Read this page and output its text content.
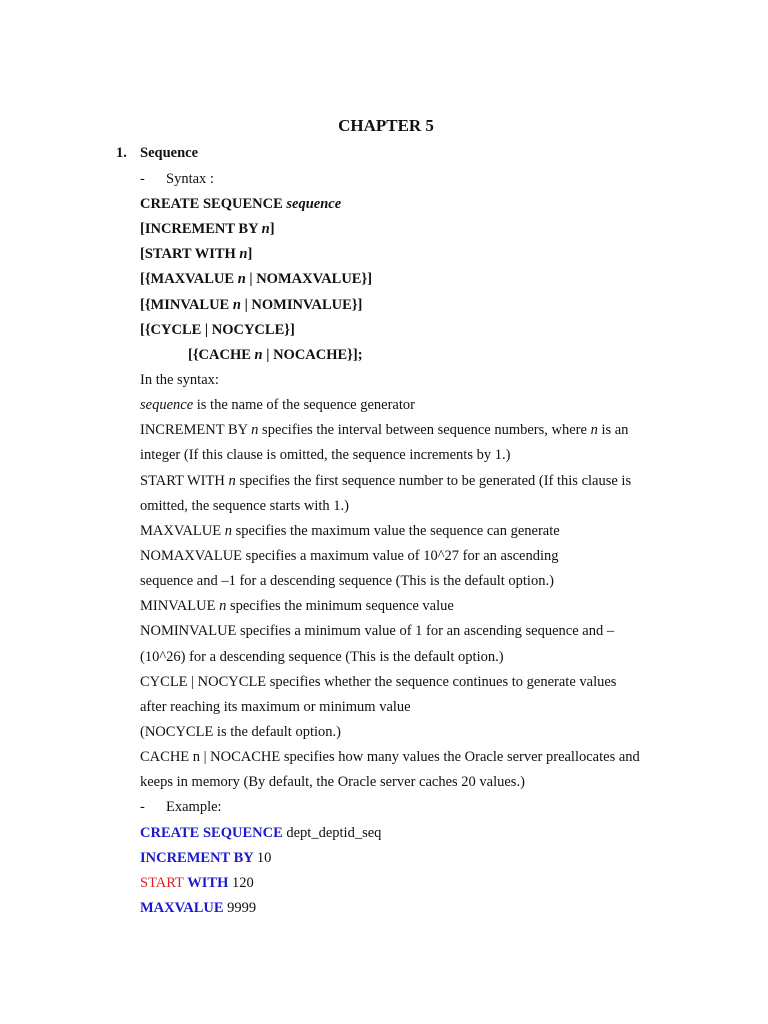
CHAPTER 5
1. Sequence
- Syntax :
CREATE SEQUENCE sequence
[INCREMENT BY n]
[START WITH n]
[{MAXVALUE n | NOMAXVALUE}]
[{MINVALUE n | NOMINVALUE}]
[{CYCLE | NOCYCLE}]
[{CACHE n | NOCACHE}];
In the syntax:
sequence is the name of the sequence generator
INCREMENT BY n specifies the interval between sequence numbers, where n is an
integer (If this clause is omitted, the sequence increments by 1.)
START WITH n specifies the first sequence number to be generated (If this clause is
omitted, the sequence starts with 1.)
MAXVALUE n specifies the maximum value the sequence can generate
NOMAXVALUE specifies a maximum value of 10^27 for an ascending
sequence and –1 for a descending sequence (This is the default option.)
MINVALUE n specifies the minimum sequence value
NOMINVALUE specifies a minimum value of 1 for an ascending sequence and –
(10^26) for a descending sequence (This is the default option.)
CYCLE | NOCYCLE specifies whether the sequence continues to generate values
after reaching its maximum or minimum value
(NOCYCLE is the default option.)
CACHE n | NOCACHE specifies how many values the Oracle server preallocates and
keeps in memory (By default, the Oracle server caches 20 values.)
- Example:
CREATE SEQUENCE dept_deptid_seq
INCREMENT BY 10
START WITH 120
MAXVALUE 9999
